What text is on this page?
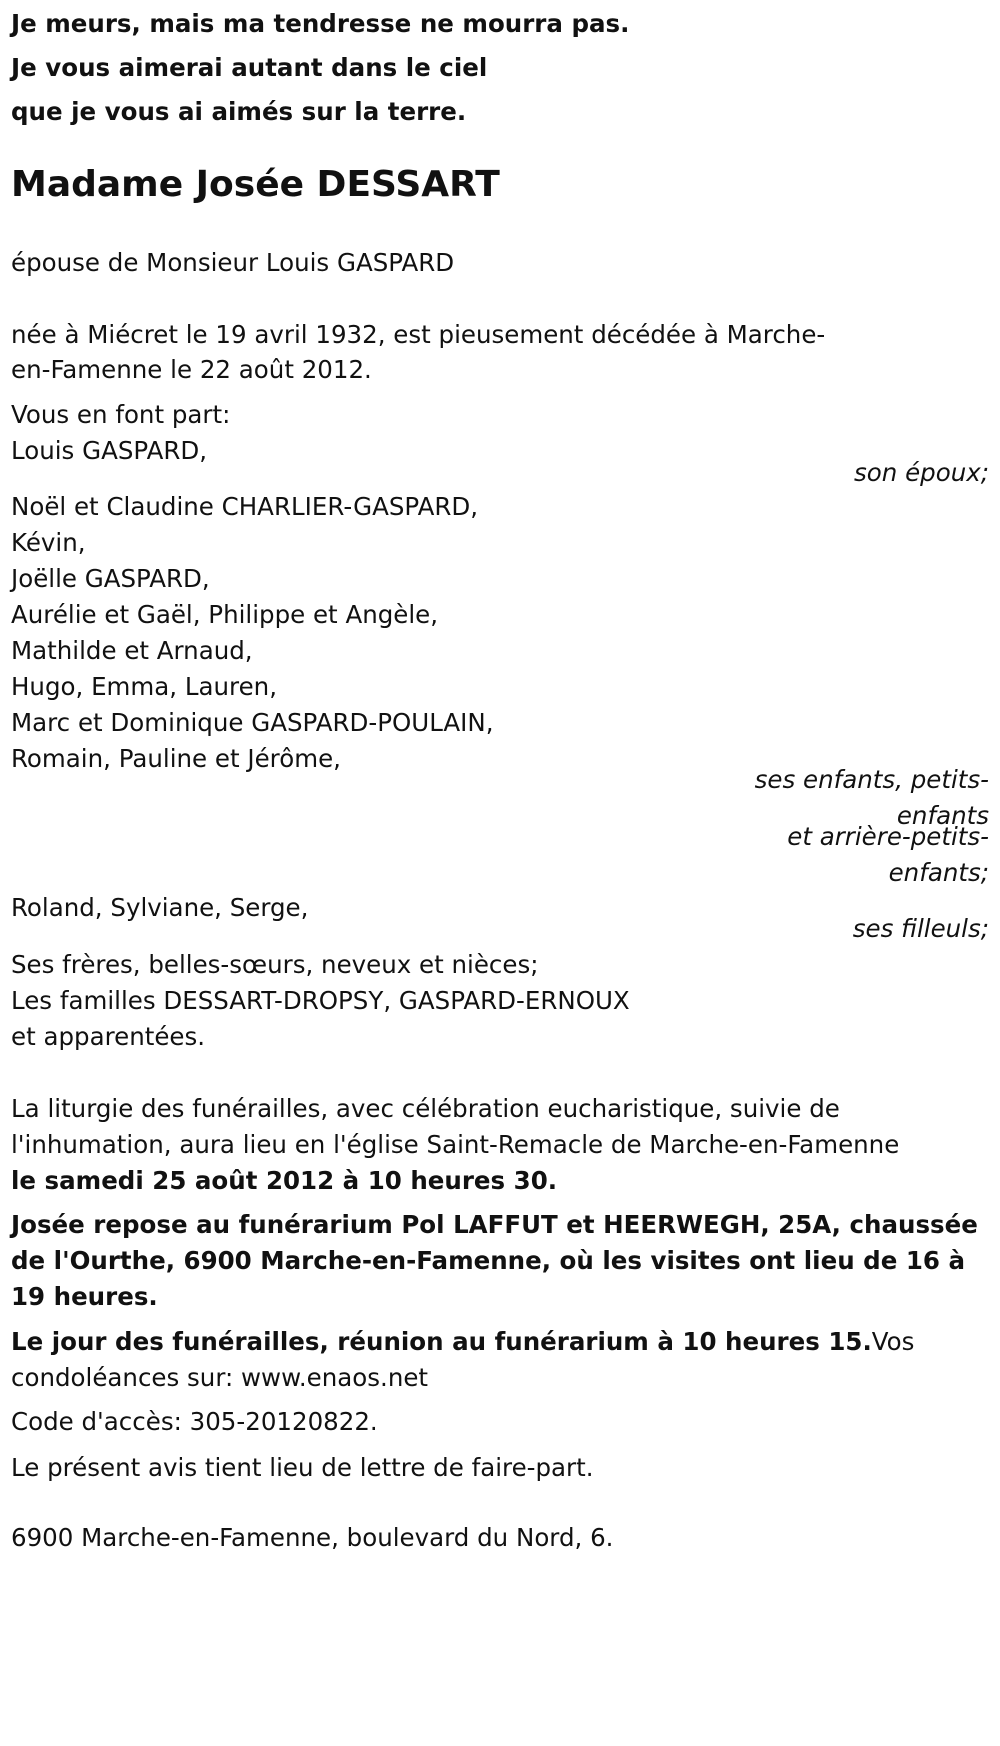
Je meurs, mais ma tendresse ne mourra pas.
Je vous aimerai autant dans le ciel
que je vous ai aimés sur la terre.
Madame Josée DESSART
épouse de Monsieur Louis GASPARD
née à Miécret le 19 avril 1932, est pieusement décédée à Marche-
en-Famenne le 22 août 2012.
Vous en font part:
Louis GASPARD,
son époux;
Noël et Claudine CHARLIER-GASPARD,
Kévin,
Joëlle GASPARD,
Aurélie et Gaël, Philippe et Angèle,
Mathilde et Arnaud,
Hugo, Emma, Lauren,
Marc et Dominique GASPARD-POULAIN,
Romain, Pauline et Jérôme,
ses enfants, petits-
enfants
et arrière-petits-
enfants;
Roland, Sylviane, Serge,
ses filleuls;
Ses frères, belles-sœurs, neveux et nièces;
Les familles DESSART-DROPSY, GASPARD-ERNOUX
et apparentées.
La liturgie des funérailles, avec célébration eucharistique, suivie de
l'inhumation, aura lieu en l'église Saint-Remacle de Marche-en-Famenne
le samedi 25 août 2012 à 10 heures 30.
Josée repose au funérarium Pol LAFFUT et HEERWEGH, 25A, chaussée
de l'Ourthe, 6900 Marche-en-Famenne, où les visites ont lieu de 16 à
19 heures.
Le jour des funérailles, réunion au funérarium à 10 heures 15.Vos
condoléances sur: www.enaos.net
Code d'accès: 305-20120822.
Le présent avis tient lieu de lettre de faire-part.
6900 Marche-en-Famenne, boulevard du Nord, 6.
